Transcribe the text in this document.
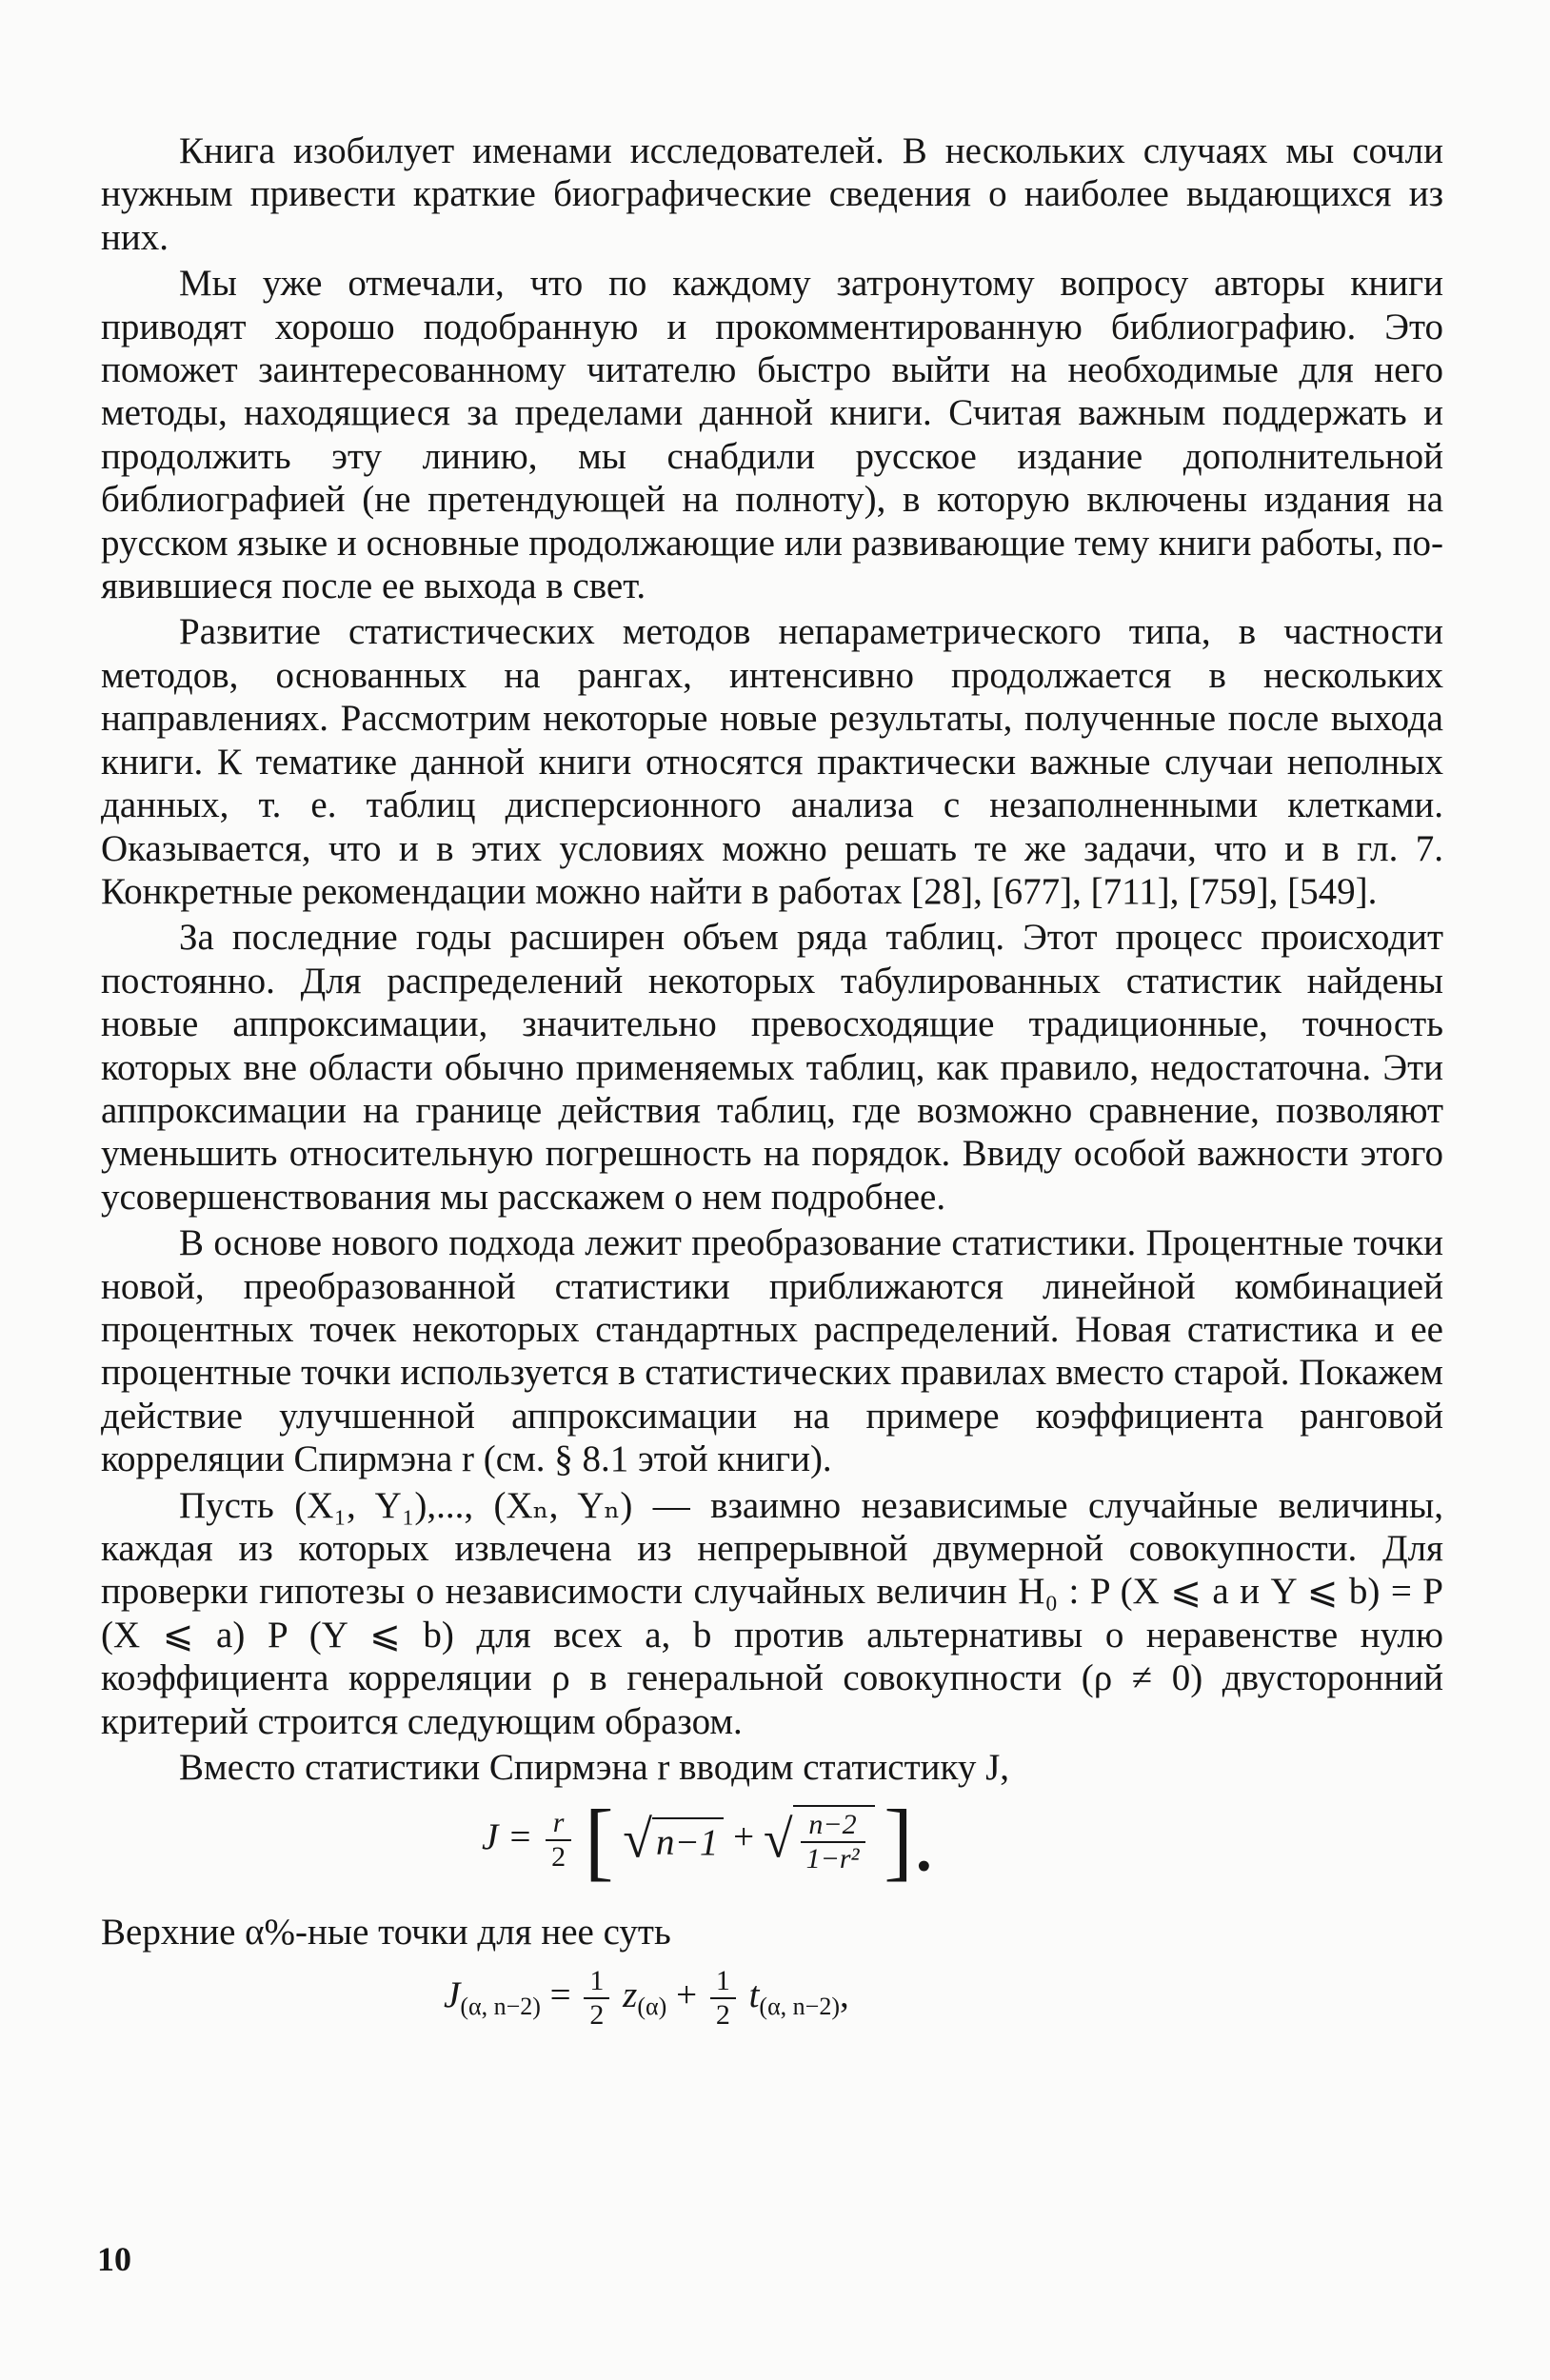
Книга изобилует именами исследователей. В нескольких случаях мы сочли нужным привести краткие биографические сведения о наиболее выдающихся из них.

Мы уже отмечали, что по каждому затронутому вопросу авторы книги приводят хорошо подобранную и прокомментированную библиографию. Это поможет заинтересованному читателю быстро выйти на необходимые для него методы, находящиеся за пределами данной книги. Считая важным поддержать и продолжить эту линию, мы снабдили русское издание дополнительной библиографией (не претендующей на полноту), в которую включены издания на русском языке и основные продолжающие или развивающие тему книги работы, появившиеся после ее выхода в свет.

Развитие статистических методов непараметрического типа, в частности методов, основанных на рангах, интенсивно продолжается в нескольких направлениях. Рассмотрим некоторые новые результаты, полученные после выхода книги. К тематике данной книги относятся практически важные случаи неполных данных, т. е. таблиц дисперсионного анализа с незаполненными клетками. Оказывается, что и в этих условиях можно решать те же задачи, что и в гл. 7. Конкретные рекомендации можно найти в работах [28], [677], [711], [759], [549].

За последние годы расширен объем ряда таблиц. Этот процесс происходит постоянно. Для распределений некоторых табулированных статистик найдены новые аппроксимации, значительно превосходящие традиционные, точность которых вне области обычно применяемых таблиц, как правило, недостаточна. Эти аппроксимации на границе действия таблиц, где возможно сравнение, позволяют уменьшить относительную погрешность на порядок. Ввиду особой важности этого усовершенствования мы расскажем о нем подробнее.

В основе нового подхода лежит преобразование статистики. Процентные точки новой, преобразованной статистики приближаются линейной комбинацией процентных точек некоторых стандартных распределений. Новая статистика и ее процентные точки используется в статистических правилах вместо старой. Покажем действие улучшенной аппроксимации на примере коэффициента ранговой корреляции Спирмэна r (см. § 8.1 этой книги).

Пусть (X₁, Y₁),..., (Xₙ, Yₙ) — взаимно независимые случайные величины, каждая из которых извлечена из непрерывной двумерной совокупности. Для проверки гипотезы о независимости случайных величин H₀ : P (X ⩽ a и Y ⩽ b) = P (X ⩽ a) P (Y ⩽ b) для всех a, b против альтернативы о неравенстве нулю коэффициента корреляции ρ в генеральной совокупности (ρ ≠ 0) двусторонний критерий строится следующим образом.

Вместо статистики Спирмэна r вводим статистику J,

$J = \frac{r}{2}$ [ √ n−1 + √ $\frac{n-2}{\text{1−r²}}$ ].

Верхние α%-ные точки для нее суть

$J_{(\alpha, n-2)} = \frac{1}{2} z_{(\alpha)} + \frac{1}{2} t_{(\alpha, n-2)}$,
10
